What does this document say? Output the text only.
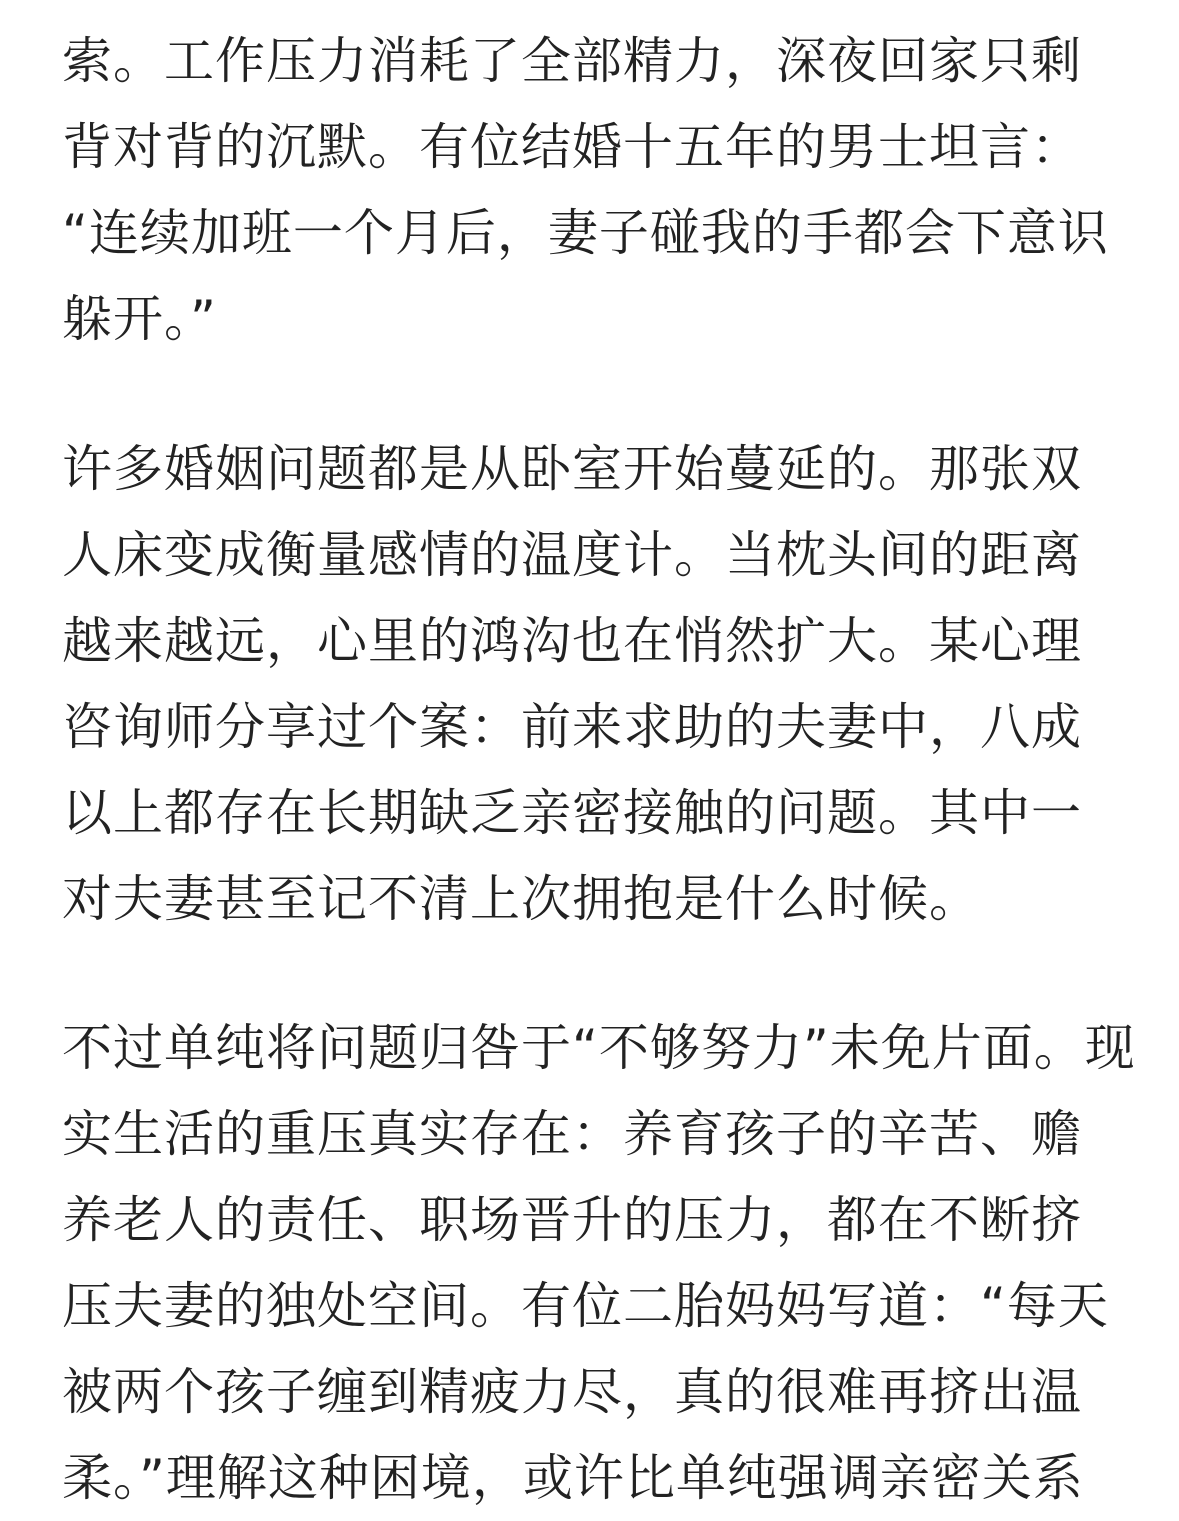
索。工作压力消耗了全部精力，深夜回家只剩
背对背的沉默。有位结婚十五年的男士坦言：
“连续加班一个月后，妻子碰我的手都会下意识
躲开。”
许多婚姻问题都是从卧室开始蔓延的。那张双
人床变成衡量感情的温度计。当枕头间的距离
越来越远，心里的鸿沟也在悄然扩大。某心理
咨询师分享过个案：前来求助的夫妻中，八成
以上都存在长期缺乏亲密接触的问题。其中一
对夫妻甚至记不清上次拥抱是什么时候。
不过单纯将问题归咎于“不够努力”未免片面。现
实生活的重压真实存在：养育孩子的辛苦、赡
养老人的责任、职场晋升的压力，都在不断挤
压夫妻的独处空间。有位二胎妈妈写道：“每天
被两个孩子缠到精疲力尽，真的很难再挤出温
柔。”理解这种困境，或许比单纯强调亲密关系
